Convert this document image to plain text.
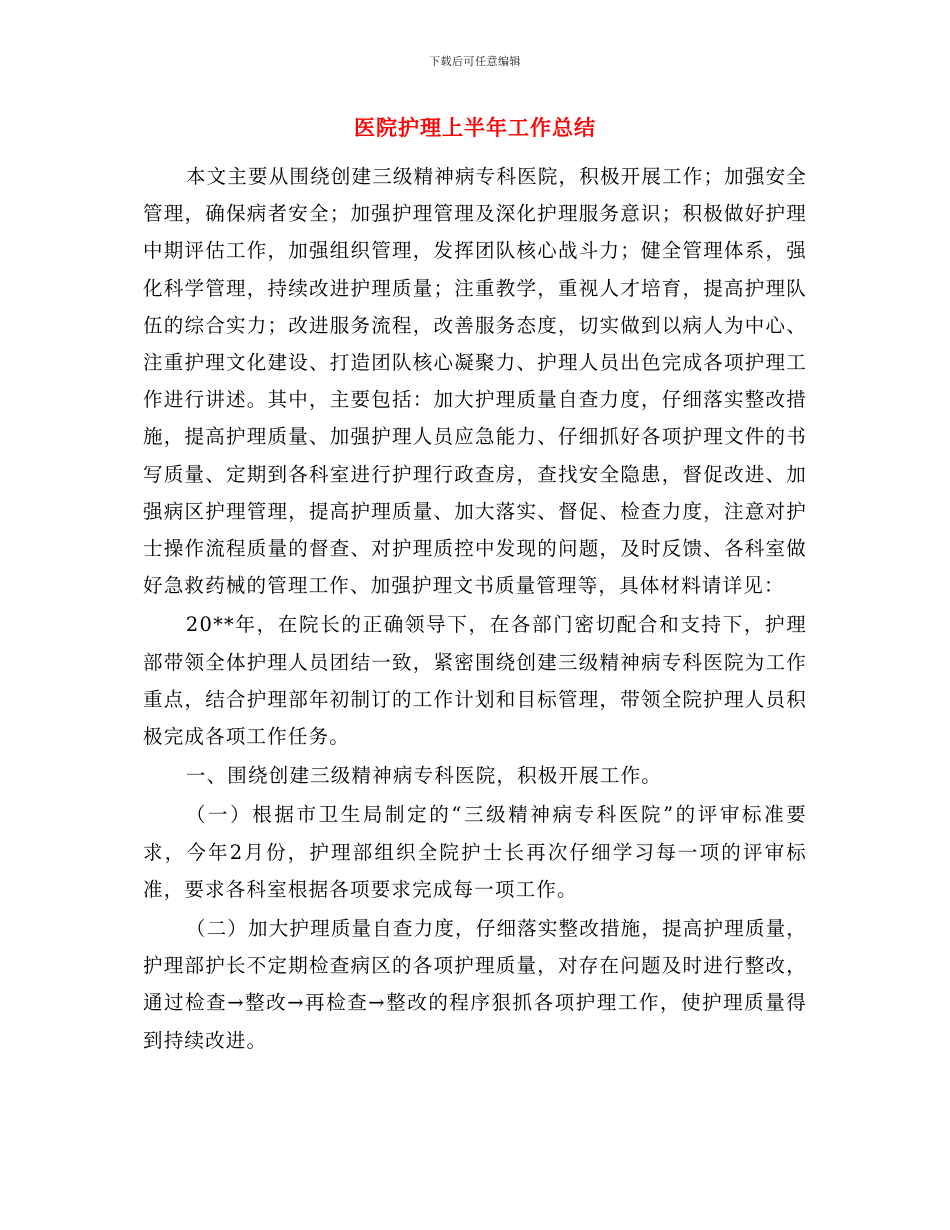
下载后可任意编辑
医院护理上半年工作总结

本文主要从围绕创建三级精神病专科医院，积极开展工作；加强安全管理，确保病者安全；加强护理管理及深化护理服务意识；积极做好护理中期评估工作，加强组织管理，发挥团队核心战斗力；健全管理体系，强化科学管理，持续改进护理质量；注重教学，重视人才培育，提高护理队伍的综合实力；改进服务流程，改善服务态度，切实做到以病人为中心、注重护理文化建设、打造团队核心凝聚力、护理人员出色完成各项护理工作进行讲述。其中，主要包括：加大护理质量自查力度，仔细落实整改措施，提高护理质量、加强护理人员应急能力、仔细抓好各项护理文件的书写质量、定期到各科室进行护理行政查房，查找安全隐患，督促改进、加强病区护理管理，提高护理质量、加大落实、督促、检查力度，注意对护士操作流程质量的督查、对护理质控中发现的问题，及时反馈、各科室做好急救药械的管理工作、加强护理文书质量管理等，具体材料请详见：

20**年，在院长的正确领导下，在各部门密切配合和支持下，护理部带领全体护理人员团结一致，紧密围绕创建三级精神病专科医院为工作重点，结合护理部年初制订的工作计划和目标管理，带领全院护理人员积极完成各项工作任务。

一、围绕创建三级精神病专科医院，积极开展工作。

（一）根据市卫生局制定的“三级精神病专科医院”的评审标准要求，今年2月份，护理部组织全院护士长再次仔细学习每一项的评审标准，要求各科室根据各项要求完成每一项工作。

（二）加大护理质量自查力度，仔细落实整改措施，提高护理质量，护理部护长不定期检查病区的各项护理质量，对存在问题及时进行整改，通过检查→整改→再检查→整改的程序狠抓各项护理工作，使护理质量得到持续改进。
